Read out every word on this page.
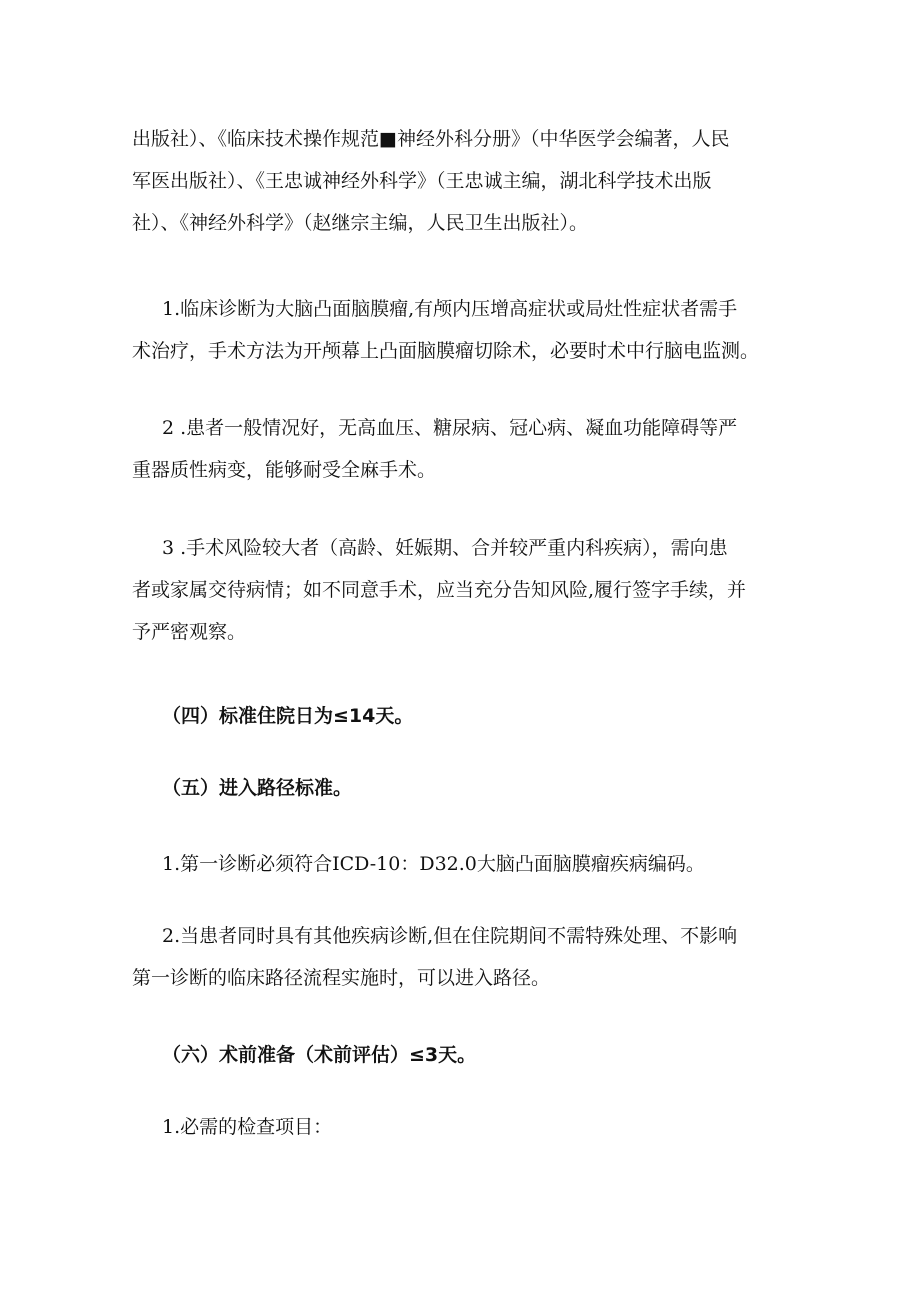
出版社）、《临床技术操作规范■神经外科分册》（中华医学会编著，人民
军医出版社）、《王忠诚神经外科学》（王忠诚主编，湖北科学技术出版
社）、《神经外科学》（赵继宗主编，人民卫生出版社）。
1.临床诊断为大脑凸面脑膜瘤,有颅内压增高症状或局灶性症状者需手
术治疗，手术方法为开颅幕上凸面脑膜瘤切除术，必要时术中行脑电监测。
2 .患者一般情况好，无高血压、糖尿病、冠心病、凝血功能障碍等严
重器质性病变，能够耐受全麻手术。
3 .手术风险较大者（高龄、妊娠期、合并较严重内科疾病），需向患
者或家属交待病情；如不同意手术，应当充分告知风险,履行签字手续，并
予严密观察。
（四）标准住院日为≤14天。
（五）进入路径标准。
1.第一诊断必须符合ICD-10：D32.0大脑凸面脑膜瘤疾病编码。
2.当患者同时具有其他疾病诊断,但在住院期间不需特殊处理、不影响
第一诊断的临床路径流程实施时，可以进入路径。
（六）术前准备（术前评估）≤3天。
1.必需的检查项目：
